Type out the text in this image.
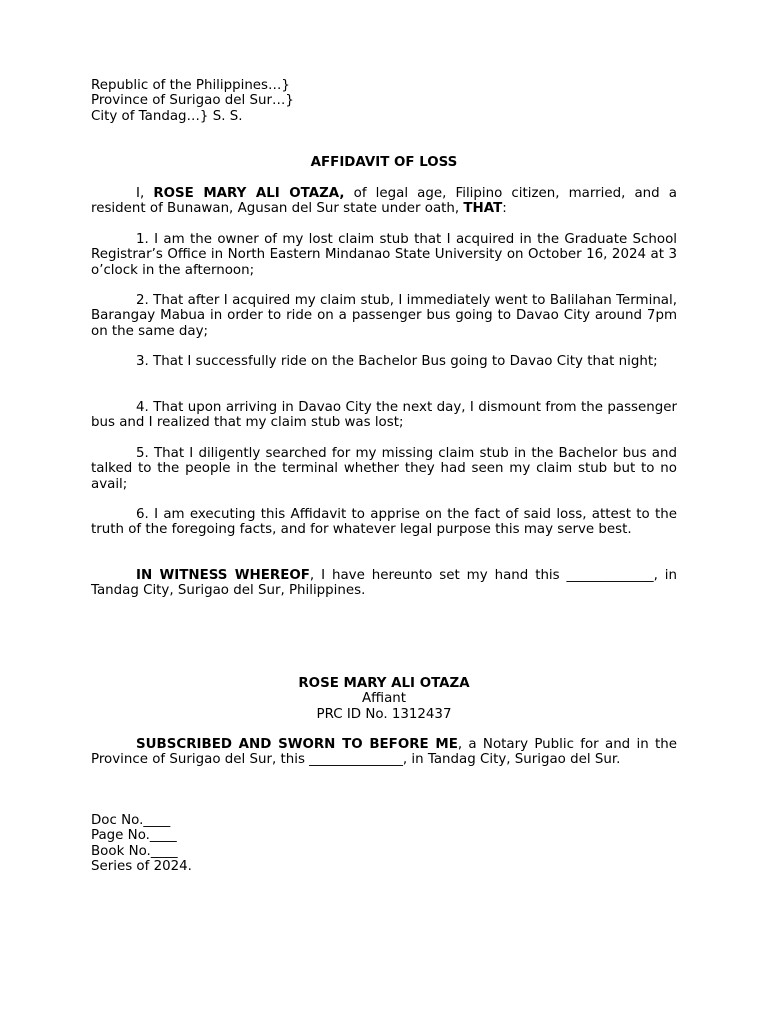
Republic of the Philippines…}

Province of Surigao del Sur…}

City of Tandag…} S. S.

AFFIDAVIT OF LOSS

I, ROSE MARY ALI OTAZA, of legal age, Filipino citizen, married, and a resident of Bunawan, Agusan del Sur state under oath, THAT:

1. I am the owner of my lost claim stub that I acquired in the Graduate School Registrar’s Office in North Eastern Mindanao State University on October 16, 2024 at 3 o’clock in the afternoon;

2. That after I acquired my claim stub, I immediately went to Balilahan Terminal, Barangay Mabua in order to ride on a passenger bus going to Davao City around 7pm on the same day;

3. That I successfully ride on the Bachelor Bus going to Davao City that night;

4. That upon arriving in Davao City the next day, I dismount from the passenger bus and I realized that my claim stub was lost;

5. That I diligently searched for my missing claim stub in the Bachelor bus and talked to the people in the terminal whether they had seen my claim stub but to no avail;

6. I am executing this Affidavit to apprise on the fact of said loss, attest to the truth of the foregoing facts, and for whatever legal purpose this may serve best.

IN WITNESS WHEREOF, I have hereunto set my hand this _____________, in Tandag City, Surigao del Sur, Philippines.

ROSE MARY ALI OTAZA
Affiant
PRC ID No. 1312437

SUBSCRIBED AND SWORN TO BEFORE ME, a Notary Public for and in the Province of Surigao del Sur, this ______________, in Tandag City, Surigao del Sur.

Doc No.____
Page No.____
Book No.____
Series of 2024.
